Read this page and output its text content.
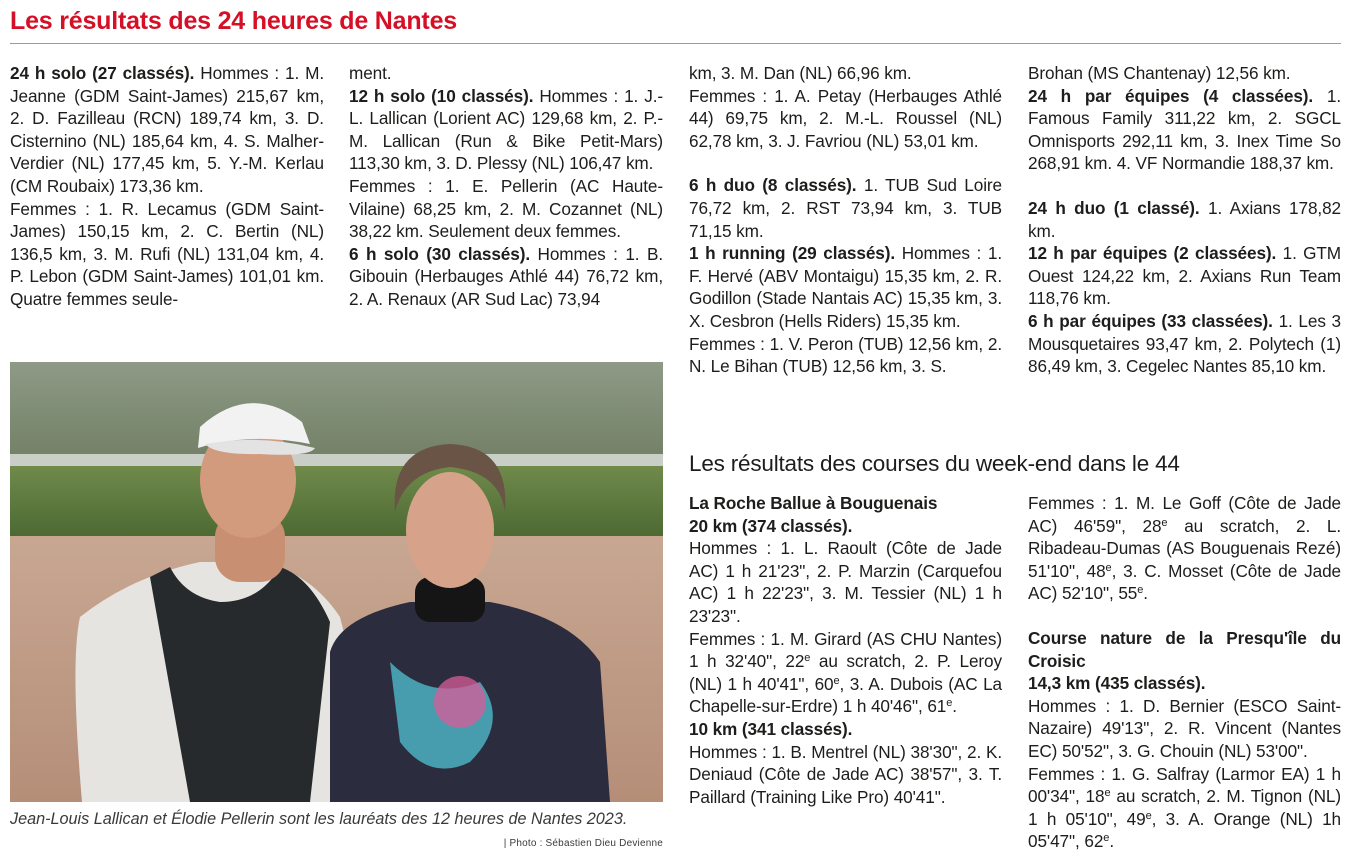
Les résultats des 24 heures de Nantes

24 h solo (27 classés). Hommes : 1. M. Jeanne (GDM Saint-James) 215,67 km, 2. D. Fazilleau (RCN) 189,74 km, 3. D. Cisternino (NL) 185,64 km, 4. S. Malher-Verdier (NL) 177,45 km, 5. Y.-M. Kerlau (CM Roubaix) 173,36 km.

Femmes : 1. R. Lecamus (GDM Saint-James) 150,15 km, 2. C. Bertin (NL) 136,5 km, 3. M. Rufi (NL) 131,04 km, 4. P. Lebon (GDM Saint-James) 101,01 km. Quatre femmes seule-

ment.

12 h solo (10 classés). Hommes : 1. J.-L. Lallican (Lorient AC) 129,68 km, 2. P.-M. Lallican (Run & Bike Petit-Mars) 113,30 km, 3. D. Plessy (NL) 106,47 km.

Femmes : 1. E. Pellerin (AC Haute-Vilaine) 68,25 km, 2. M. Cozannet (NL) 38,22 km. Seulement deux femmes.

6 h solo (30 classés). Hommes : 1. B. Gibouin (Herbauges Athlé 44) 76,72 km, 2. A. Renaux (AR Sud Lac) 73,94

km, 3. M. Dan (NL) 66,96 km.

Femmes : 1. A. Petay (Herbauges Athlé 44) 69,75 km, 2. M.-L. Roussel (NL) 62,78 km, 3. J. Favriou (NL) 53,01 km.

6 h duo (8 classés). 1. TUB Sud Loire 76,72 km, 2. RST 73,94 km, 3. TUB 71,15 km.

1 h running (29 classés). Hommes : 1. F. Hervé (ABV Montaigu) 15,35 km, 2. R. Godillon (Stade Nantais AC) 15,35 km, 3. X. Cesbron (Hells Riders) 15,35 km.

Femmes : 1. V. Peron (TUB) 12,56 km, 2. N. Le Bihan (TUB) 12,56 km, 3. S.

Brohan (MS Chantenay) 12,56 km.

24 h par équipes (4 classées). 1. Famous Family 311,22 km, 2. SGCL Omnisports 292,11 km, 3. Inex Time So 268,91 km. 4. VF Normandie 188,37 km.

24 h duo (1 classé). 1. Axians 178,82 km.

12 h par équipes (2 classées). 1. GTM Ouest 124,22 km, 2. Axians Run Team 118,76 km.

6 h par équipes (33 classées). 1. Les 3 Mousquetaires 93,47 km, 2. Polytech (1) 86,49 km, 3. Cegelec Nantes 85,10 km.

Les résultats des courses du week-end dans le 44

La Roche Ballue à Bouguenais

20 km (374 classés).

Hommes : 1. L. Raoult (Côte de Jade AC) 1 h 21'23", 2. P. Marzin (Carquefou AC) 1 h 22'23", 3. M. Tessier (NL) 1 h 23'23".

Femmes : 1. M. Girard (AS CHU Nantes) 1 h 32'40", 22e au scratch, 2. P. Leroy (NL) 1 h 40'41", 60e, 3. A. Dubois (AC La Chapelle-sur-Erdre) 1 h 40'46", 61e.

10 km (341 classés).

Hommes : 1. B. Mentrel (NL) 38'30", 2. K. Deniaud (Côte de Jade AC) 38'57", 3. T. Paillard (Training Like Pro) 40'41".

Femmes : 1. M. Le Goff (Côte de Jade AC) 46'59", 28e au scratch, 2. L. Ribadeau-Dumas (AS Bouguenais Rezé) 51'10", 48e, 3. C. Mosset (Côte de Jade AC) 52'10", 55e.

Course nature de la Presqu'île du Croisic

14,3 km (435 classés).

Hommes : 1. D. Bernier (ESCO Saint-Nazaire) 49'13", 2. R. Vincent (Nantes EC) 50'52", 3. G. Chouin (NL) 53'00".

Femmes : 1. G. Salfray (Larmor EA) 1 h 00'34", 18e au scratch, 2. M. Tignon (NL) 1 h 05'10", 49e, 3. A. Orange (NL) 1h 05'47", 62e.

Jean-Louis Lallican et Élodie Pellerin sont les lauréats des 12 heures de Nantes 2023.
| Photo : Sébastien Dieu Devienne
